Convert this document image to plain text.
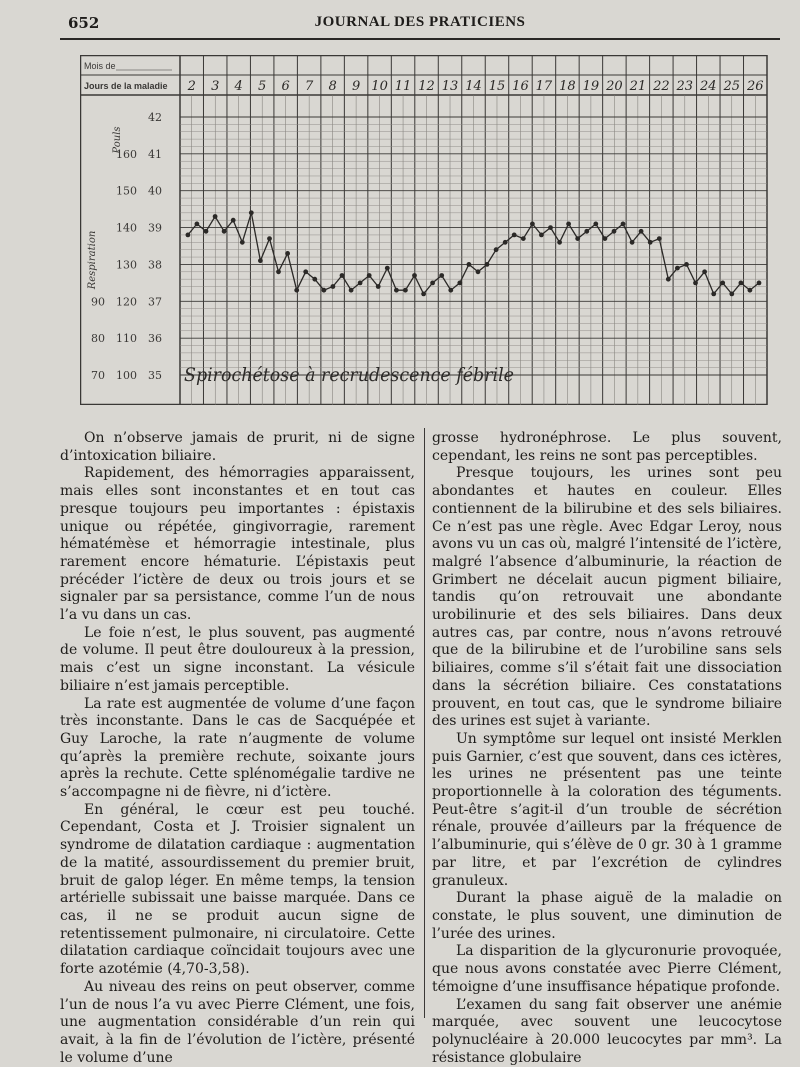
652	JOURNAL DES PRATICIENS
Mois de
Jours de la maladie 2 3 4 5 6 7 8 9 10 11 12 13 14 15 16 17 18 19 20 21 22 23 24 25 26
42
41
40
39
38
37
36
35
160
150
140
130
120
110
100
90
80
70
Pouls
Respiration
Spirochétose à recrudescence fébrile

On n’observe jamais de prurit, ni de signe d’intoxication biliaire.

Rapidement, des hémorragies apparaissent, mais elles sont inconstantes et en tout cas presque toujours peu importantes : épistaxis unique ou répétée, gingivorragie, rarement hématémèse et hémorragie intestinale, plus rarement encore hématurie. L’épistaxis peut précéder l’ictère de deux ou trois jours et se signaler par sa persistance, comme l’un de nous l’a vu dans un cas.

Le foie n’est, le plus souvent, pas augmenté de volume. Il peut être douloureux à la pression, mais c’est un signe inconstant. La vésicule biliaire n’est jamais perceptible.

La rate est augmentée de volume d’une façon très inconstante. Dans le cas de Sacquépée et Guy Laroche, la rate n’augmente de volume qu’après la première rechute, soixante jours après la rechute. Cette splénomégalie tardive ne s’accompagne ni de fièvre, ni d’ictère.

En général, le cœur est peu touché. Cependant, Costa et J. Troisier signalent un syndrome de dilatation cardiaque : augmentation de la matité, assourdissement du premier bruit, bruit de galop léger. En même temps, la tension artérielle subissait une baisse marquée. Dans ce cas, il ne se produit aucun signe de retentissement pulmonaire, ni circulatoire. Cette dilatation cardiaque coïncidait toujours avec une forte azotémie (4,70-3,58).

Au niveau des reins on peut observer, comme l’un de nous l’a vu avec Pierre Clément, une fois, une augmentation considérable d’un rein qui avait, à la fin de l’évolution de l’ictère, présenté le volume d’une

grosse hydronéphrose. Le plus souvent, cependant, les reins ne sont pas perceptibles.

Presque toujours, les urines sont peu abondantes et hautes en couleur. Elles contiennent de la bilirubine et des sels biliaires. Ce n’est pas une règle. Avec Edgar Leroy, nous avons vu un cas où, malgré l’intensité de l’ictère, malgré l’absence d’albuminurie, la réaction de Grimbert ne décelait aucun pigment biliaire, tandis qu’on retrouvait une abondante urobilinurie et des sels biliaires. Dans deux autres cas, par contre, nous n’avons retrouvé que de la bilirubine et de l’urobiline sans sels biliaires, comme s’il s’était fait une dissociation dans la sécrétion biliaire. Ces constatations prouvent, en tout cas, que le syndrome biliaire des urines est sujet à variante.

Un symptôme sur lequel ont insisté Merklen puis Garnier, c’est que souvent, dans ces ictères, les urines ne présentent pas une teinte proportionnelle à la coloration des téguments. Peut-être s’agit-il d’un trouble de sécrétion rénale, prouvée d’ailleurs par la fréquence de l’albuminurie, qui s’élève de 0 gr. 30 à 1 gramme par litre, et par l’excrétion de cylindres granuleux.

Durant la phase aiguë de la maladie on constate, le plus souvent, une diminution de l’urée des urines.

La disparition de la glycuronurie provoquée, que nous avons constatée avec Pierre Clément, témoigne d’une insuffisance hépatique profonde.

L’examen du sang fait observer une anémie marquée, avec souvent une leucocytose polynucléaire à 20.000 leucocytes par mm³. La résistance globulaire
